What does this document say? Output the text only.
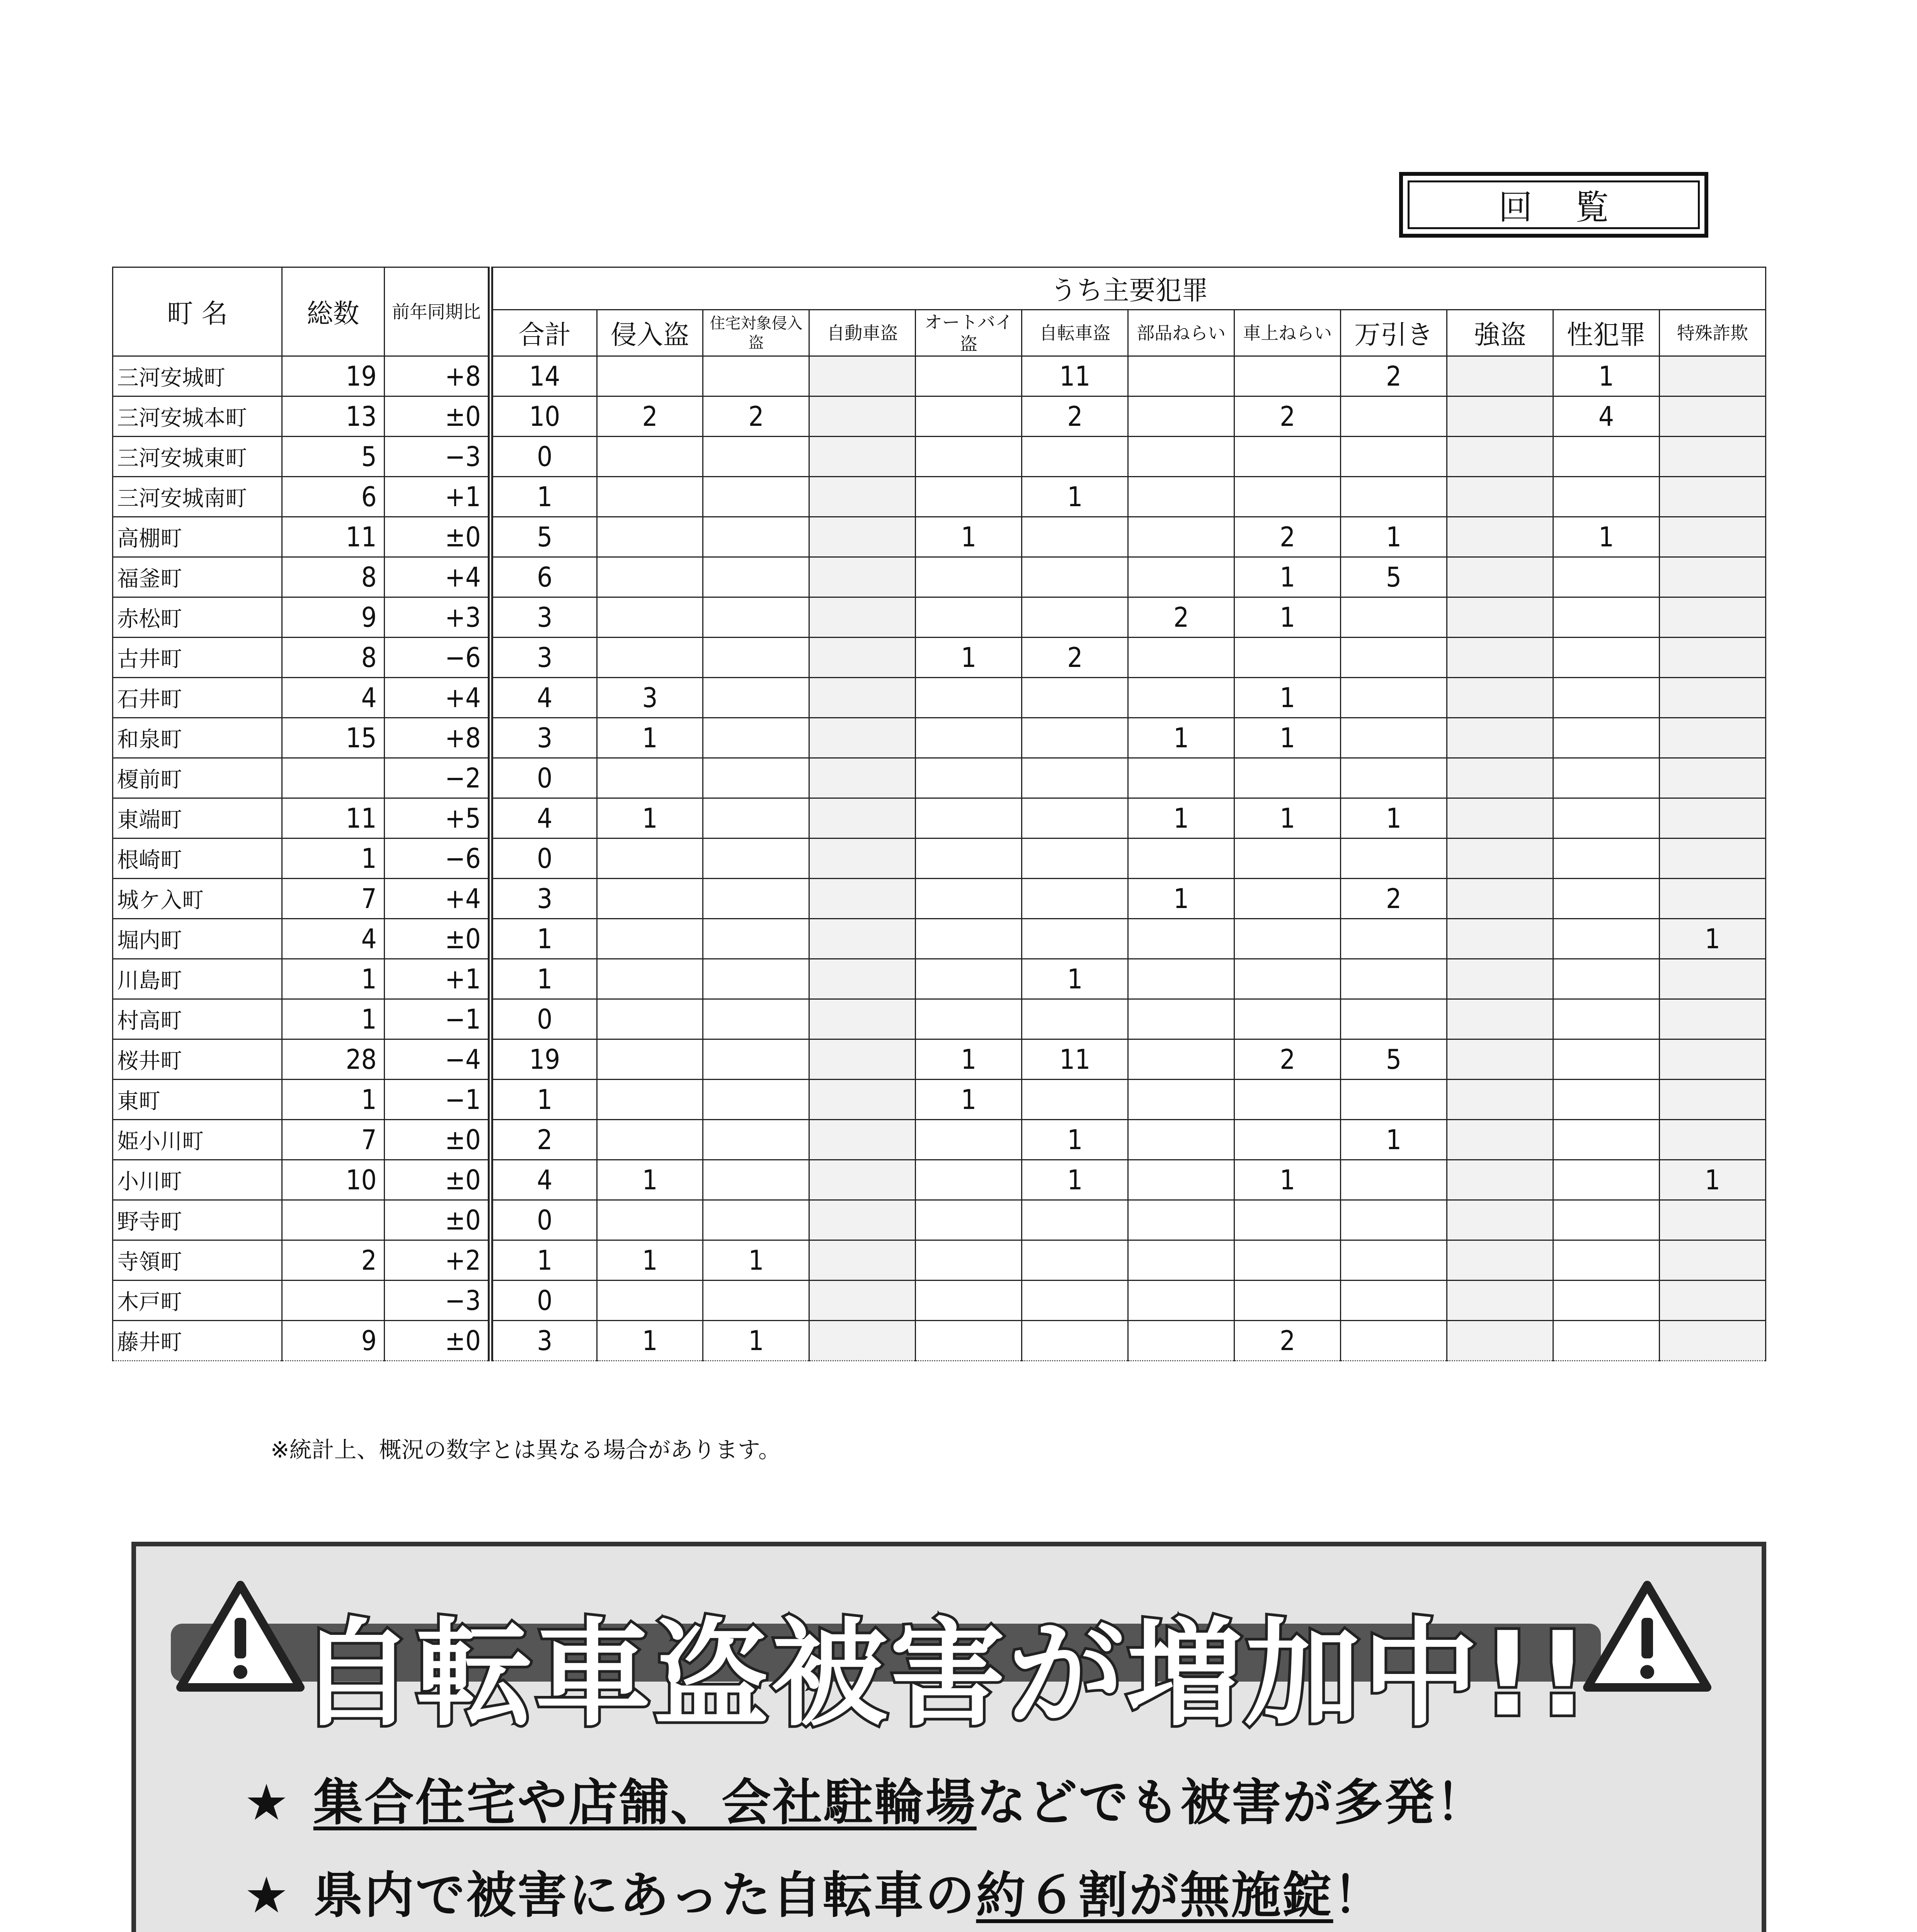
回覧
町 名	総数	前年同期比	うち主要犯罪											
			合計	侵入盗	住宅対象侵入盗	自動車盗	オートバイ盗	自転車盗	部品ねらい	車上ねらい	万引き	強盗	性犯罪	特殊詐欺
三河安城町	19	+8	14					11			2		1	
三河安城本町	13	±0	10	2	2			2		2			4	
三河安城東町	5	−3	0											
三河安城南町	6	+1	1					1						
高棚町	11	±0	5				1			2	1		1	
福釜町	8	+4	6							1	5			
赤松町	9	+3	3						2	1				
古井町	8	−6	3				1	2						
石井町	4	+4	4	3						1				
和泉町	15	+8	3	1					1	1				
榎前町		−2	0											
東端町	11	+5	4	1					1	1	1			
根崎町	1	−6	0											
城ケ入町	7	+4	3						1		2			
堀内町	4	±0	1											1
川島町	1	+1	1					1						
村高町	1	−1	0											
桜井町	28	−4	19				1	11		2	5			
東町	1	−1	1				1							
姫小川町	7	±0	2					1			1			
小川町	10	±0	4	1				1		1				1
野寺町		±0	0											
寺領町	2	+2	1	1	1									
木戸町		−3	0											
藤井町	9	±0	3	1	1					2				
※統計上、概況の数字とは異なる場合があります。
自転車盗被害が増加中!!
★ 集合住宅や店舗、会社駐輪場などでも被害が多発！
★ 県内で被害にあった自転車の約６割が無施錠！
